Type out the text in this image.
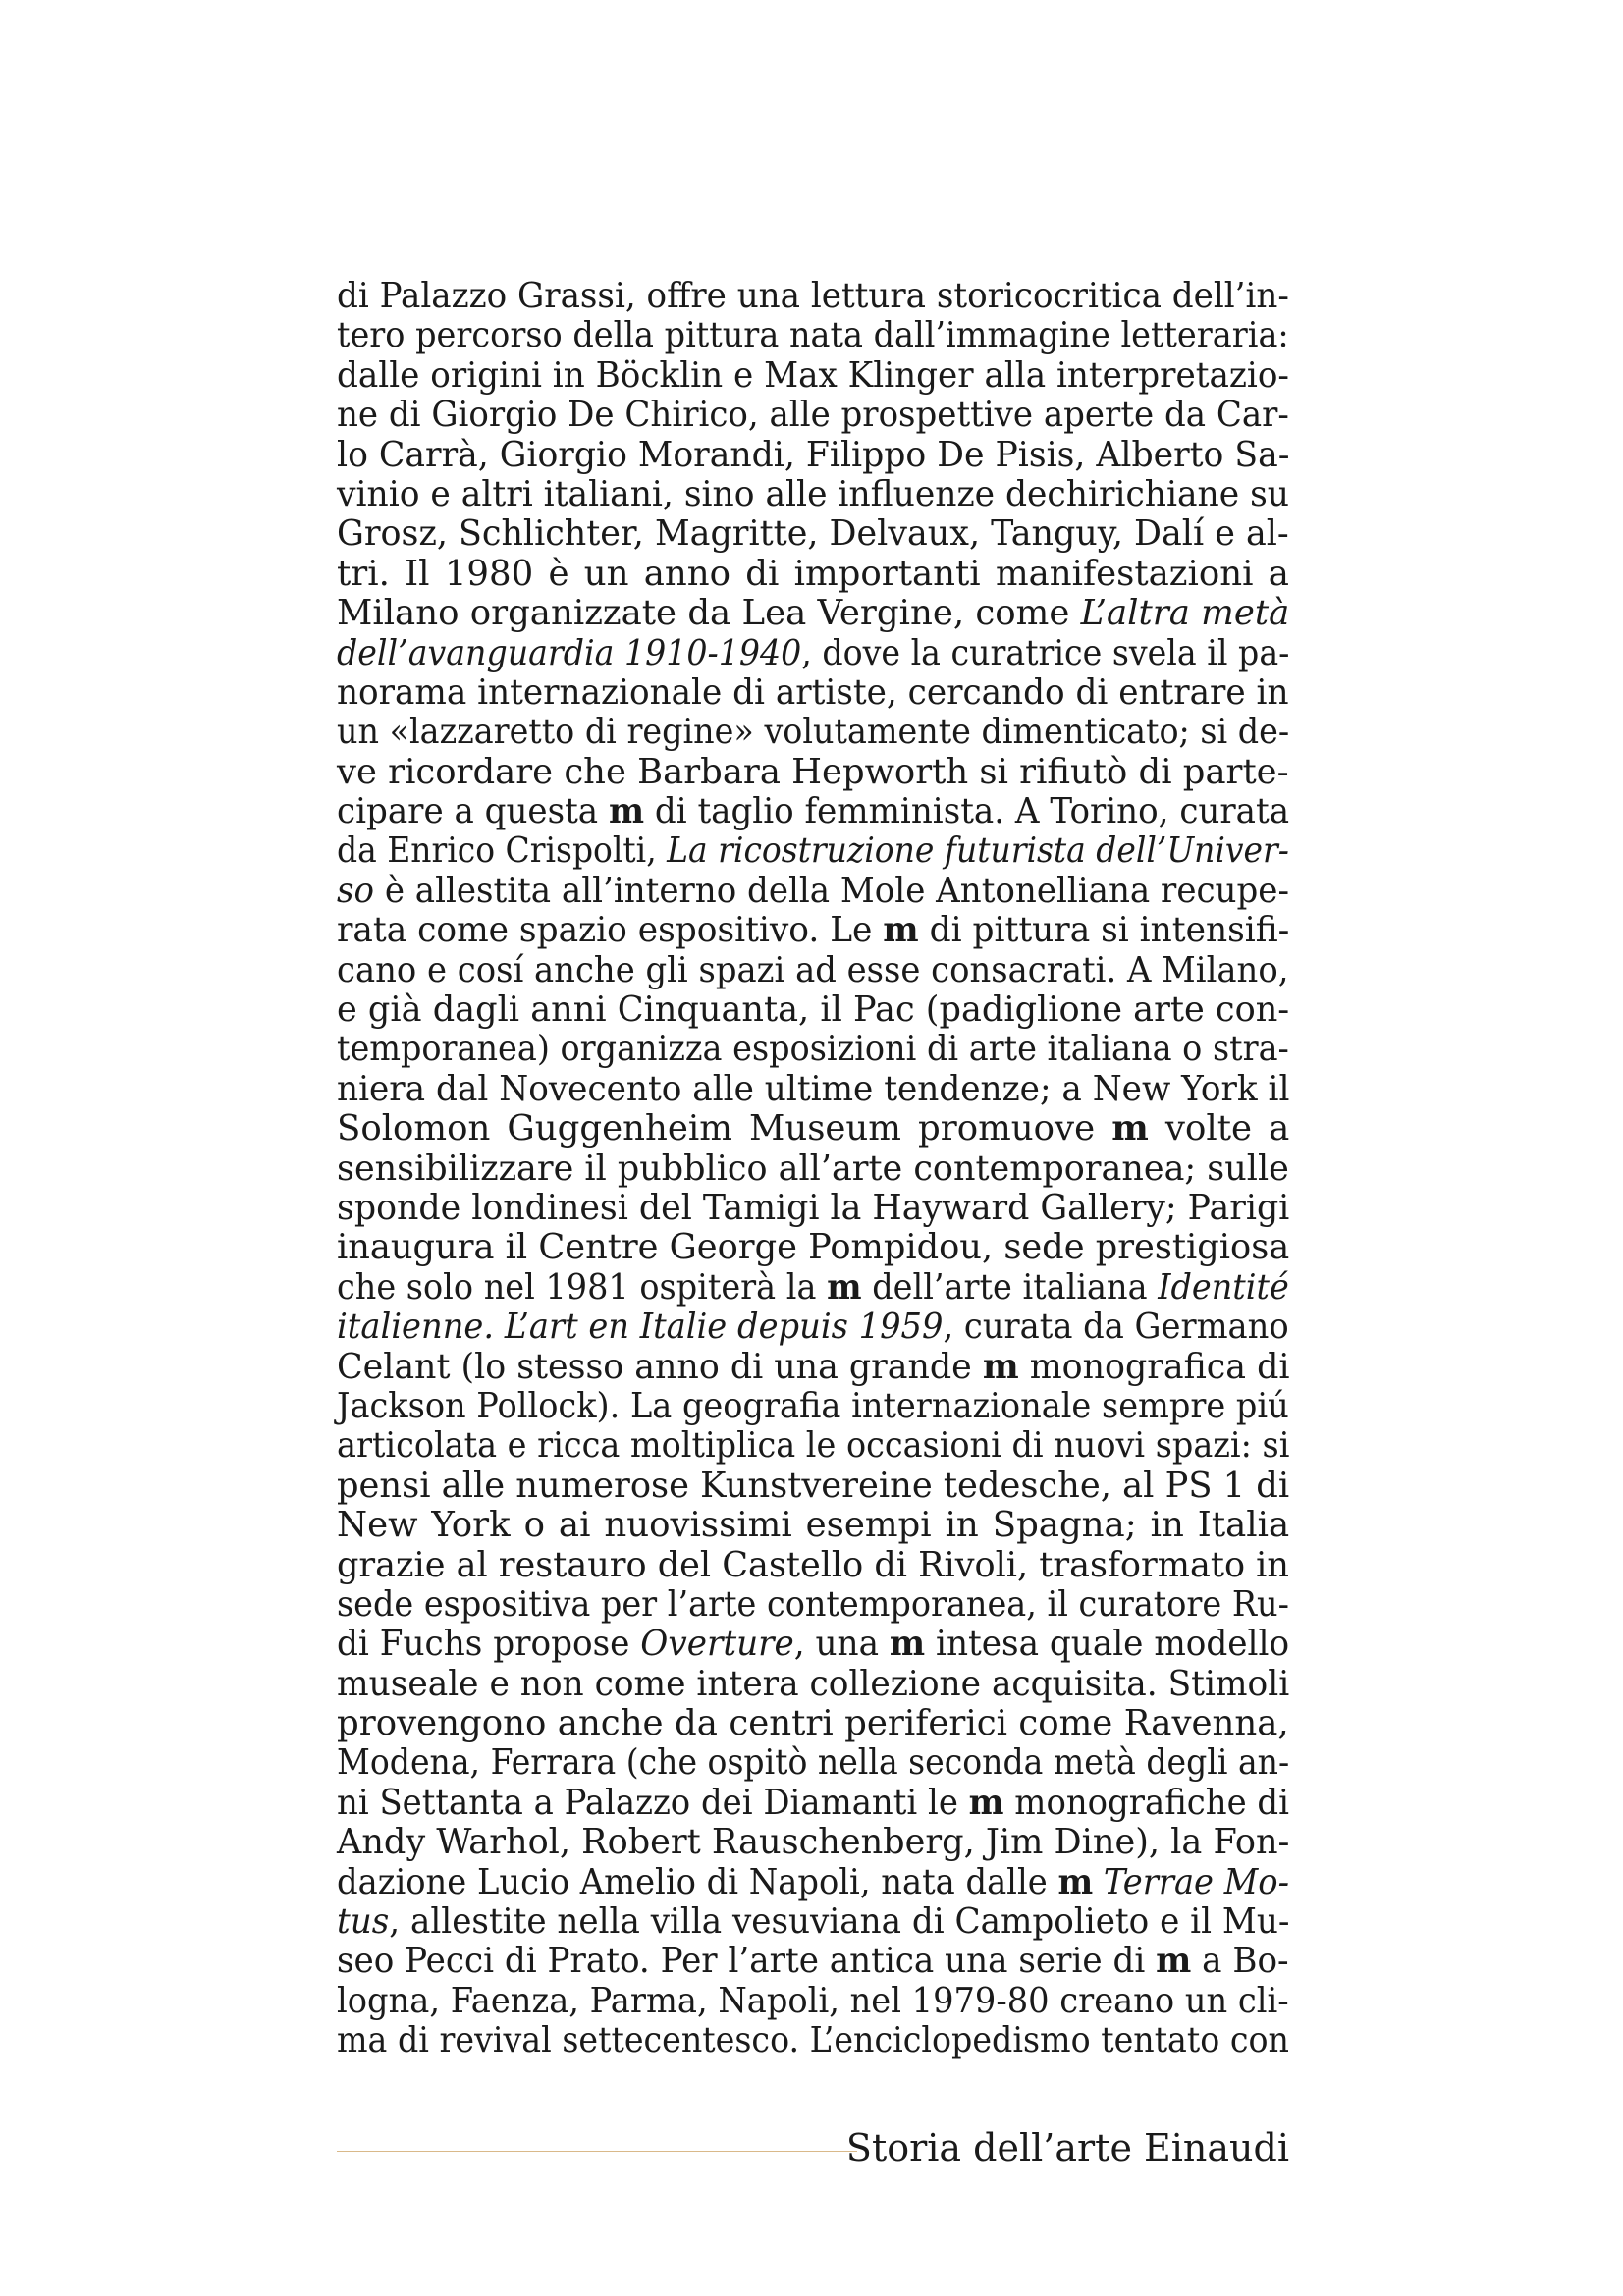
di Palazzo Grassi, offre una lettura storicocritica dell’in-
tero percorso della pittura nata dall’immagine letteraria:
dalle origini in Böcklin e Max Klinger alla interpretazio-
ne di Giorgio De Chirico, alle prospettive aperte da Car-
lo Carrà, Giorgio Morandi, Filippo De Pisis, Alberto Sa-
vinio e altri italiani, sino alle influenze dechirichiane su
Grosz, Schlichter, Magritte, Delvaux, Tanguy, Dalí e al-
tri. Il 1980 è un anno di importanti manifestazioni a
Milano organizzate da Lea Vergine, come L’altra metà
dell’avanguardia 1910-1940, dove la curatrice svela il pa-
norama internazionale di artiste, cercando di entrare in
un «lazzaretto di regine» volutamente dimenticato; si de-
ve ricordare che Barbara Hepworth si rifiutò di parte-
cipare a questa m di taglio femminista. A Torino, curata
da Enrico Crispolti, La ricostruzione futurista dell’Univer-
so è allestita all’interno della Mole Antonelliana recupe-
rata come spazio espositivo. Le m di pittura si intensifi-
cano e cosí anche gli spazi ad esse consacrati. A Milano,
e già dagli anni Cinquanta, il Pac (padiglione arte con-
temporanea) organizza esposizioni di arte italiana o stra-
niera dal Novecento alle ultime tendenze; a New York il
Solomon Guggenheim Museum promuove m volte a
sensibilizzare il pubblico all’arte contemporanea; sulle
sponde londinesi del Tamigi la Hayward Gallery; Parigi
inaugura il Centre George Pompidou, sede prestigiosa
che solo nel 1981 ospiterà la m dell’arte italiana Identité
italienne. L’art en Italie depuis 1959, curata da Germano
Celant (lo stesso anno di una grande m monografica di
Jackson Pollock). La geografia internazionale sempre piú
articolata e ricca moltiplica le occasioni di nuovi spazi: si
pensi alle numerose Kunstvereine tedesche, al PS 1 di
New York o ai nuovissimi esempi in Spagna; in Italia
grazie al restauro del Castello di Rivoli, trasformato in
sede espositiva per l’arte contemporanea, il curatore Ru-
di Fuchs propose Overture, una m intesa quale modello
museale e non come intera collezione acquisita. Stimoli
provengono anche da centri periferici come Ravenna,
Modena, Ferrara (che ospitò nella seconda metà degli an-
ni Settanta a Palazzo dei Diamanti le m monografiche di
Andy Warhol, Robert Rauschenberg, Jim Dine), la Fon-
dazione Lucio Amelio di Napoli, nata dalle m Terrae Mo-
tus, allestite nella villa vesuviana di Campolieto e il Mu-
seo Pecci di Prato. Per l’arte antica una serie di m a Bo-
logna, Faenza, Parma, Napoli, nel 1979-80 creano un cli-
ma di revival settecentesco. L’enciclopedismo tentato con
Storia dell’arte Einaudi
